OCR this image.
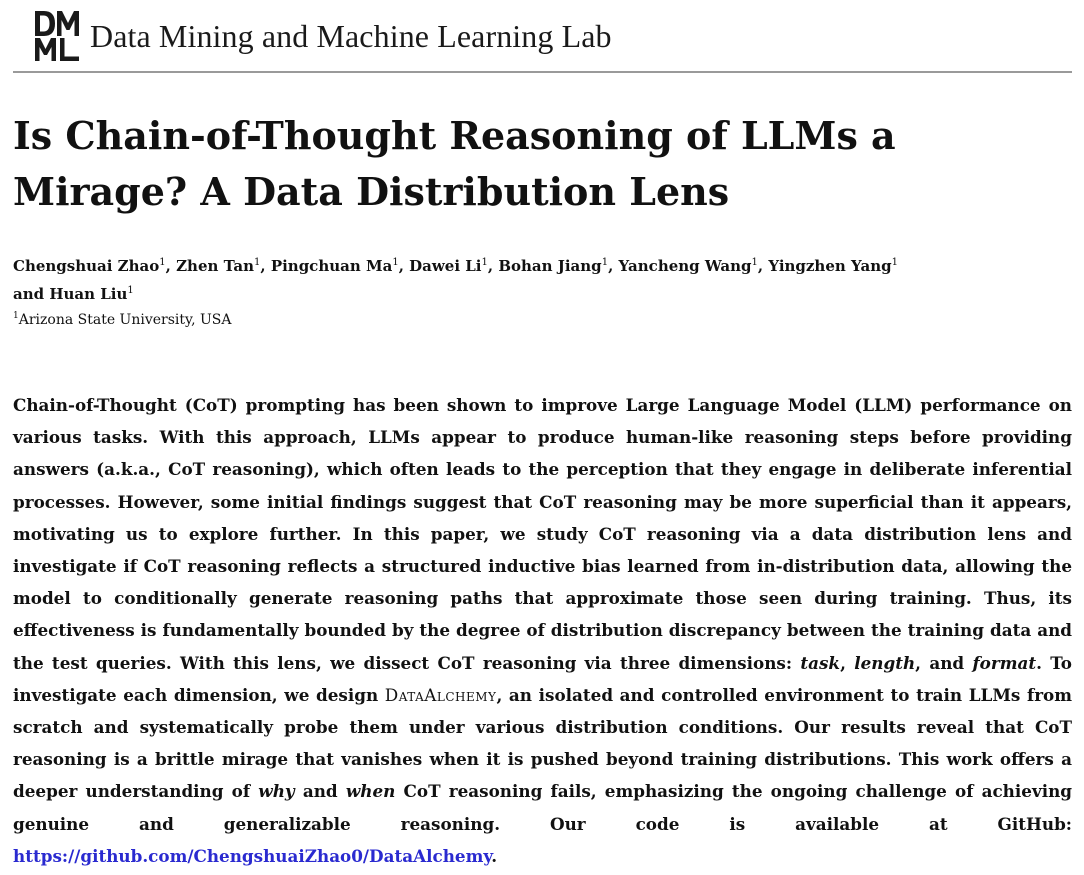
DMML
Data Mining and Machine Learning Lab
Is Chain-of-Thought Reasoning of LLMs a
Mirage? A Data Distribution Lens
Chengshuai Zhao$^1$, Zhen Tan$^1$, Pingchuan Ma$^1$, Dawei Li$^1$, Bohan Jiang$^1$, Yancheng Wang$^1$, Yingzhen Yang$^1$
and Huan Liu$^1$
$^1$Arizona State University, USA

Chain-of-Thought (CoT) prompting has been shown to improve Large Language Model (LLM) performance on various tasks. With this approach, LLMs appear to produce human-like reasoning steps before providing answers (a.k.a., CoT reasoning), which often leads to the perception that they engage in deliberate inferential processes. However, some initial findings suggest that CoT reasoning may be more superficial than it appears, motivating us to explore further. In this paper, we study CoT reasoning via a data distribution lens and investigate if CoT reasoning reflects a structured inductive bias learned from in-distribution data, allowing the model to conditionally generate reasoning paths that approximate those seen during training. Thus, its effectiveness is fundamentally bounded by the degree of distribution discrepancy between the training data and the test queries. With this lens, we dissect CoT reasoning via three dimensions: task, length, and format. To investigate each dimension, we design DataAlchemy, an isolated and controlled environment to train LLMs from scratch and systematically probe them under various distribution conditions. Our results reveal that CoT reasoning is a brittle mirage that vanishes when it is pushed beyond training distributions. This work offers a deeper understanding of why and when CoT reasoning fails, emphasizing the ongoing challenge of achieving genuine and generalizable reasoning. Our code is available at GitHub: https://github.com/ChengshuaiZhao0/DataAlchemy.
